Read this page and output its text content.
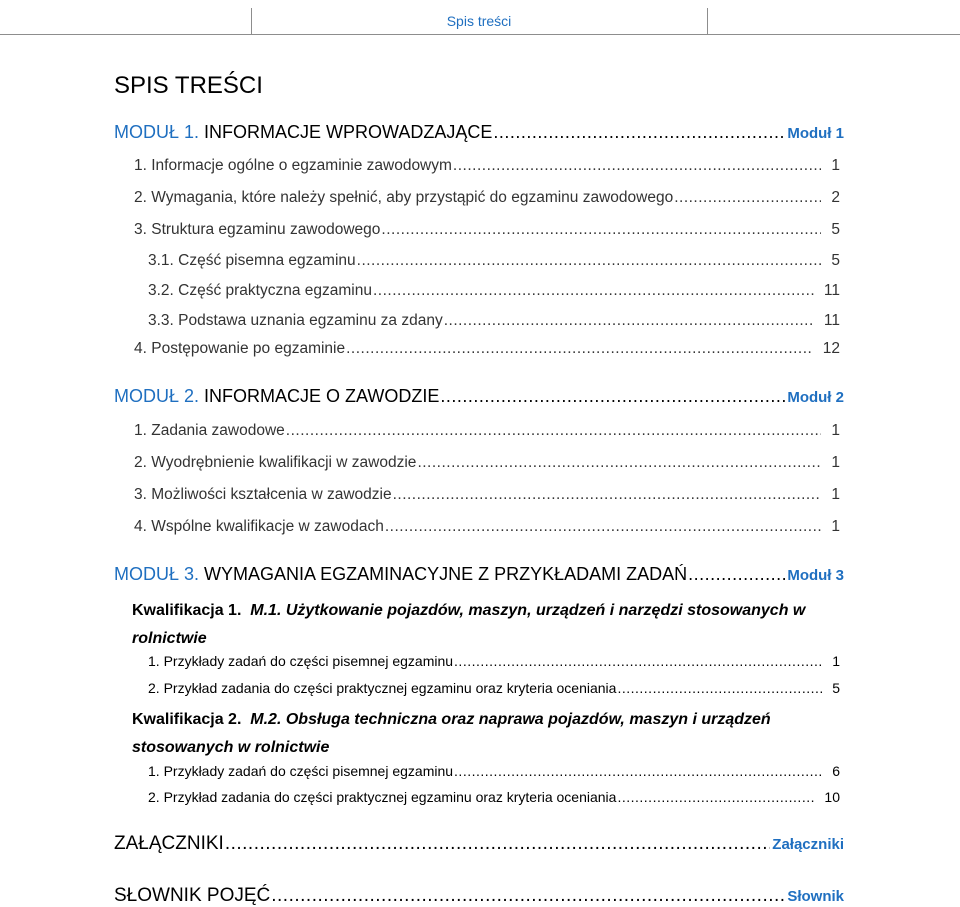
Spis treści
SPIS TREŚCI
MODUŁ 1.
INFORMACJE WPROWADZAJĄCE .....	Moduł 1
1. Informacje ogólne o egzaminie zawodowym .....	1
2. Wymagania, które należy spełnić, aby przystąpić do egzaminu zawodowego .....	2
3. Struktura egzaminu zawodowego .....	5
3.1. Część pisemna egzaminu .....	5
3.2. Część praktyczna egzaminu .....	11
3.3. Podstawa uznania egzaminu za zdany .....	11
4. Postępowanie po egzaminie .....	12
MODUŁ 2.
INFORMACJE O ZAWODZIE .....	Moduł 2
1. Zadania zawodowe .....	1
2. Wyodrębnienie kwalifikacji w zawodzie .....	1
3. Możliwości kształcenia w zawodzie .....	1
4. Wspólne kwalifikacje w zawodach .....	1
MODUŁ 3.
WYMAGANIA EGZAMINACYJNE Z PRZYKŁADAMI ZADAŃ .....	Moduł 3
Kwalifikacja 1. M.1. Użytkowanie pojazdów, maszyn, urządzeń i narzędzi stosowanych w rolnictwie
1. Przykłady zadań do części pisemnej egzaminu .....	1
2. Przykład zadania do części praktycznej egzaminu oraz kryteria oceniania .....	5
Kwalifikacja 2. M.2. Obsługa techniczna oraz naprawa pojazdów, maszyn i urządzeń stosowanych w rolnictwie
1. Przykłady zadań do części pisemnej egzaminu .....	6
2. Przykład zadania do części praktycznej egzaminu oraz kryteria oceniania .....	10
ZAŁĄCZNIKI .....	Załączniki
SŁOWNIK POJĘĆ .....	Słownik
